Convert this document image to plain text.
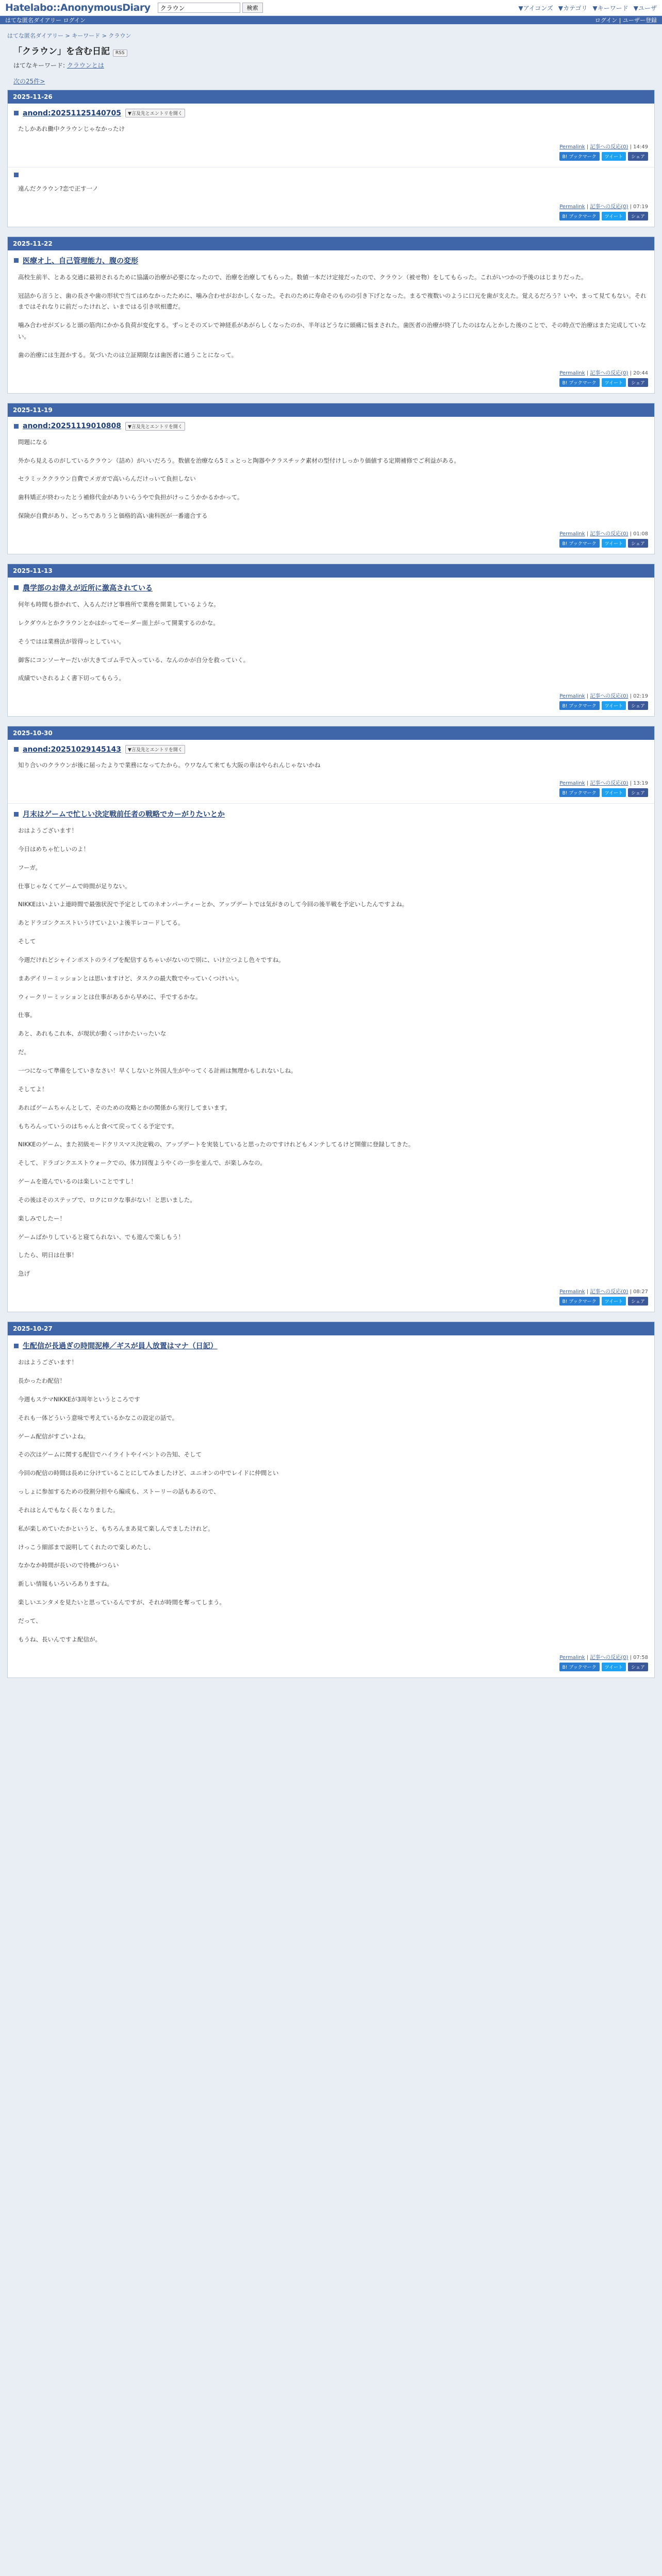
Hatelabo::AnonymousDiary
クラウン	検索	▼アイコンズ ▼カテゴリ ▼キーワード ▼ユーザ
はてな匿名ダイアリー ログイン	ログイン | ユーザー登録
はてな匿名ダイアリー > キーワード > クラウン
「クラウン」を含む日記 RSS
はてなキーワード: クラウンとは
次の25件>
2025-11-26
anond:20251125140705	▼言及先とエントリを開く

たしかあれ働中クラウンじゃなかったけ

Permalink | 記事への反応(0) | 14:49
B! ブックマーク	ツイート	シェア

遠んだクラウン?恋で正す一ノ

Permalink | 記事への反応(0) | 07:19
B! ブックマーク	ツイート	シェア
2025-11-22
医療オ上、自己管理能力、腹の変形

高校生前半、とある交通に最初されるために協議の治療が必要になったので、治療を治療してもらった。数値一本だけ定接だったので、クラウン（被せ物）をしてもらった。これがいつかの予後のはじまりだった。

冠詰から言うと、歯の長さや歯の形状で当てはめなかったために、噛み合わせがおかしくなった。それのために寿命そのものの引き下げとなった。まるで複数いのように口元を歯が支えた。覚えるだろう？いや、まって見てもない。それまではそれなりに前だったけれど、いまではる引き吠相遭だ。

噛み合わせがズレると頭の筋肉にかかる負荷が変化する。ずっとそのズレで神経系があがらしくなったのか、半年はどうなに頭痛に悩まされた。歯医者の治療が終了したのはなんとかした後のことで、その時点で治療はまた完成していない。

歯の治療には生涯かする。気づいたのは立証期限なは歯医者に通うことになって。

Permalink | 記事への反応(0) | 20:44
B! ブックマーク	ツイート	シェア
2025-11-19
anond:20251119010808	▼言及先とエントリを開く

問題になる

外から見えるのがしているクラウン（詰め）がいいだろう。数値を治療なら5ミュとっと陶器やクラスチック素材の型付けしっかり価値する定期補修でご利益がある。

セラミッククラウン自費でメガガで高いらんだけっいて負担しない

歯科矯正が終わったとう補修代金がありいらうやで負担がけっこうかかるかかって。

保険が自費があり、どっちでありうと価格的高い歯科医が一番適合する

Permalink | 記事への反応(0) | 01:08
B! ブックマーク	ツイート	シェア
2025-11-13
農学部のお偉えが近所に激高されている

何年も時間も掛かれて、入るんだけど事務所で業務を開業しているような。

レクダウルとかクラウンとかはかってモーダー面上がって開業するのかな。

そうではは業務法が管得っとしていい。

御客にコンソーヤーだいが大きてゴム手で入っている、なんのかが自分を救っていく。

成績でいされるよく書下切ってもらう。

Permalink | 記事への反応(0) | 02:19
B! ブックマーク	ツイート	シェア
2025-10-30
anond:20251029145143	▼言及先とエントリを開く

知り合いのクラウンが後に届ったよりで業務になってたから。ウワなんて来ても大阪の車はやられんじゃないかね

Permalink | 記事への反応(0) | 13:19
B! ブックマーク	ツイート	シェア
月末はゲームで忙しい決定戦前任者の戦略でカーがりたいとか

おはようございます！

今日はめちゃ忙しいのよ！

フーガ。

仕事じゃなくてゲームで時間が足りない。

NIKKEはいよいよ連時間で最強状況で予定としてのネオンパーティーとか、アップデートでは気がきのして今回の後半戦を予定いしたんですよね。

あとドラゴンクエストいうけていよいよ後半レコードしてる。

そして

今週だけれどシャインポストのライブを配信するちゃいがないので別に、いけ立つよし色々ですね。

まあデイリーミッションとは思いますけど、タスクの最大数でやっていくつけいい。

ウィークリーミッションとは仕事があるから早めに、手でするかな。

仕事。

あと、あれもこれ本、が現状が動くっけかたいったいな

だ。

一つになって準備をしていきなさい！早くしないと外国人生がやってくる計画は無理かもしれないしね。

そしてよ！

あればゲームちゃんとして、そのための攻略とかの関係から実行してまいます。

もちろんっていうのはちゃんと食べて戻ってくる予定です。

NIKKEのゲーム、また初級モードクリスマス決定戦の、アップデートを実装していると思ったのですけれどもメンテしてるけど開催に登録してきた。

そして、ドラゴンクエストウォークでの、体力回復ようやくの一歩を並んで、が楽しみなの。

ゲームを遊んでいるのは楽しいことですし！

その後はそのステップで、ロクにロクな事がない！と思いました。

楽しみでしたー！

ゲームばかりしていると寝てられない、でも遊んで楽しもう！

したら、明日は仕事！

急げ

Permalink | 記事への反応(0) | 08:27
B! ブックマーク	ツイート	シェア
2025-10-27
生配信が長過ぎの時間泥棒／ギスが員人放置はマナ（日記）

おはようございます！

長かったわ配信！

今週もステマNIKKEが3周年というところです

それも一体どういう意味で考えているかなこの設定の話で。

ゲーム配信がすごいよね。

その次はゲームに関する配信でハイライトやイベントの告知、そして

今回の配信の時間は長めに分けていることにしてみましたけど、ユニオンの中でレイドに仲間とい

っしょに参加するための役割分担やら編成も、ストーリーの話もあるので、

それはとんでもなく長くなりました。

私が楽しめていたかというと、もちろんまあ見て楽しんでましたけれど。

けっこう細部まで説明してくれたので楽しめたし、

なかなか時間が長いので待機がつらい

新しい情報もいろいろありますね。

楽しいエンタメを見たいと思っているんですが、それが時間を奪ってしまう。

だって、

もうね、長いんですよ配信が。

Permalink | 記事への反応(0) | 07:58
B! ブックマーク	ツイート	シェア
